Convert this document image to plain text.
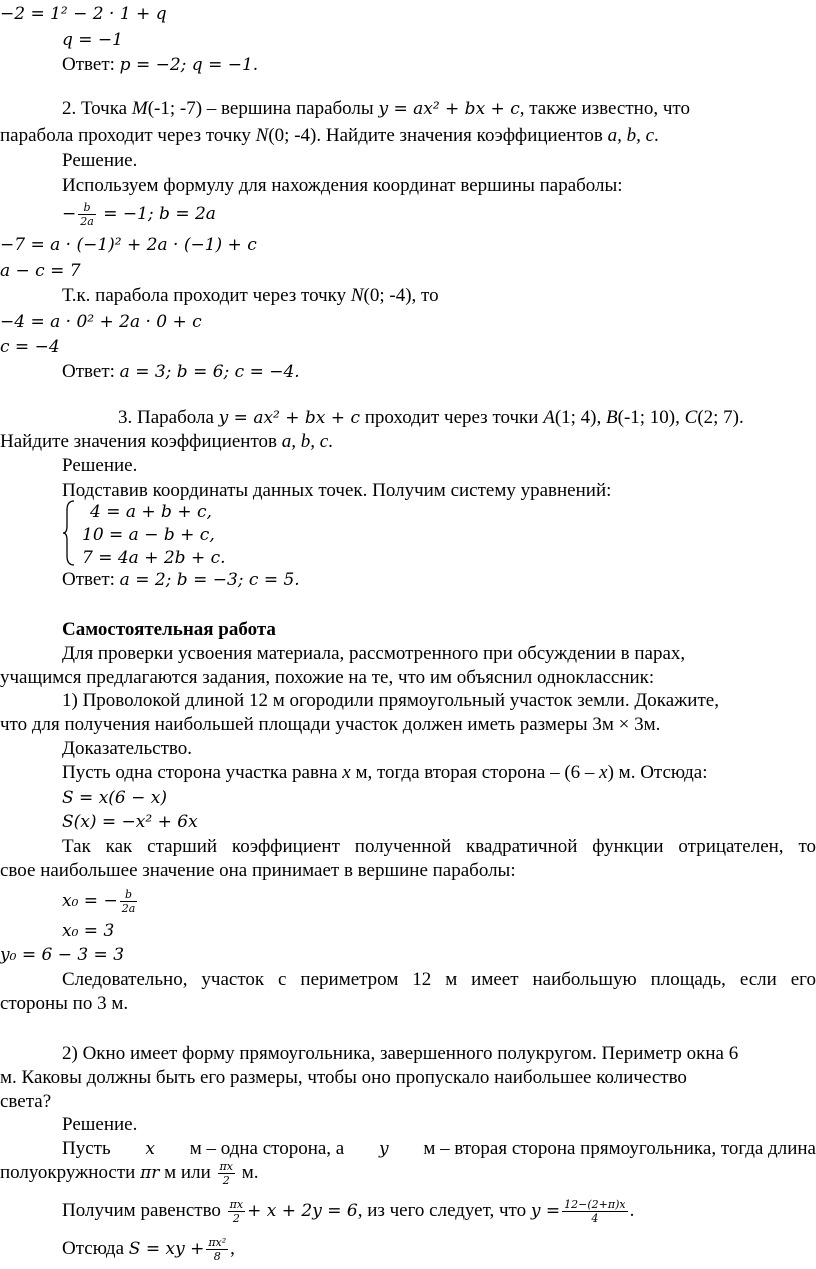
−2 = 1² − 2 · 1 + q
q = −1
Ответ: p = −2; q = −1.
2. Точка M(-1; -7) – вершина параболы y = ax² + bx + c, также известно, что
парабола проходит через точку N(0; -4). Найдите значения коэффициентов a, b, c.
Решение.
Используем формулу для нахождения координат вершины параболы:
− $\frac{b}{2a} = -1$; b = 2a
−7 = a · (−1)² + 2a · (−1) + c
a − c = 7
Т.к. парабола проходит через точку N(0; -4), то
−4 = a · 0² + 2a · 0 + c
c = −4
Ответ: a = 3; b = 6; c = −4.
3. Парабола y = ax² + bx + c проходит через точки A(1; 4), B(-1; 10), C(2; 7).
Найдите значения коэффициентов a, b, c.
Решение.
Подставив координаты данных точек. Получим систему уравнений:
4 = a + b + c,
10 = a − b + c,
7 = 4a + 2b + c.
Ответ: a = 2; b = −3; c = 5.
Самостоятельная работа
Для проверки усвоения материала, рассмотренного при обсуждении в парах,
учащимся предлагаются задания, похожие на те, что им объяснил одноклассник:
1) Проволокой длиной 12 м огородили прямоугольный участок земли. Докажите,
что для получения наибольшей площади участок должен иметь размеры 3м × 3м.
Доказательство.
Пусть одна сторона участка равна x м, тогда вторая сторона – (6 – x) м. Отсюда:
S = x(6 − x)
S(x) = −x² + 6x
Так как старший коэффициент полученной квадратичной функции отрицателен, то
свое наибольшее значение она принимает в вершине параболы:
x₀ = − $\frac{b}{2a}$
x₀ = 3
y₀ = 6 − 3 = 3
Следовательно, участок с периметром 12 м имеет наибольшую площадь, если его
стороны по 3 м.
2) Окно имеет форму прямоугольника, завершенного полукругом. Периметр окна 6
м. Каковы должны быть его размеры, чтобы оно пропускало наибольшее количество
света?
Решение.
Пусть x м – одна сторона, а y м – вторая сторона прямоугольника, тогда длина
полуокружности πr м или $\frac{\pi x}{2} м$.
Получим равенство $\frac{\pi x}{2} + x + 2y = 6$, из чего следует, что $y = \frac{12-(2+\pi)x}{4}$ .
Отсюда S = xy + $\frac{\text{πx²}}{8}$ ,
